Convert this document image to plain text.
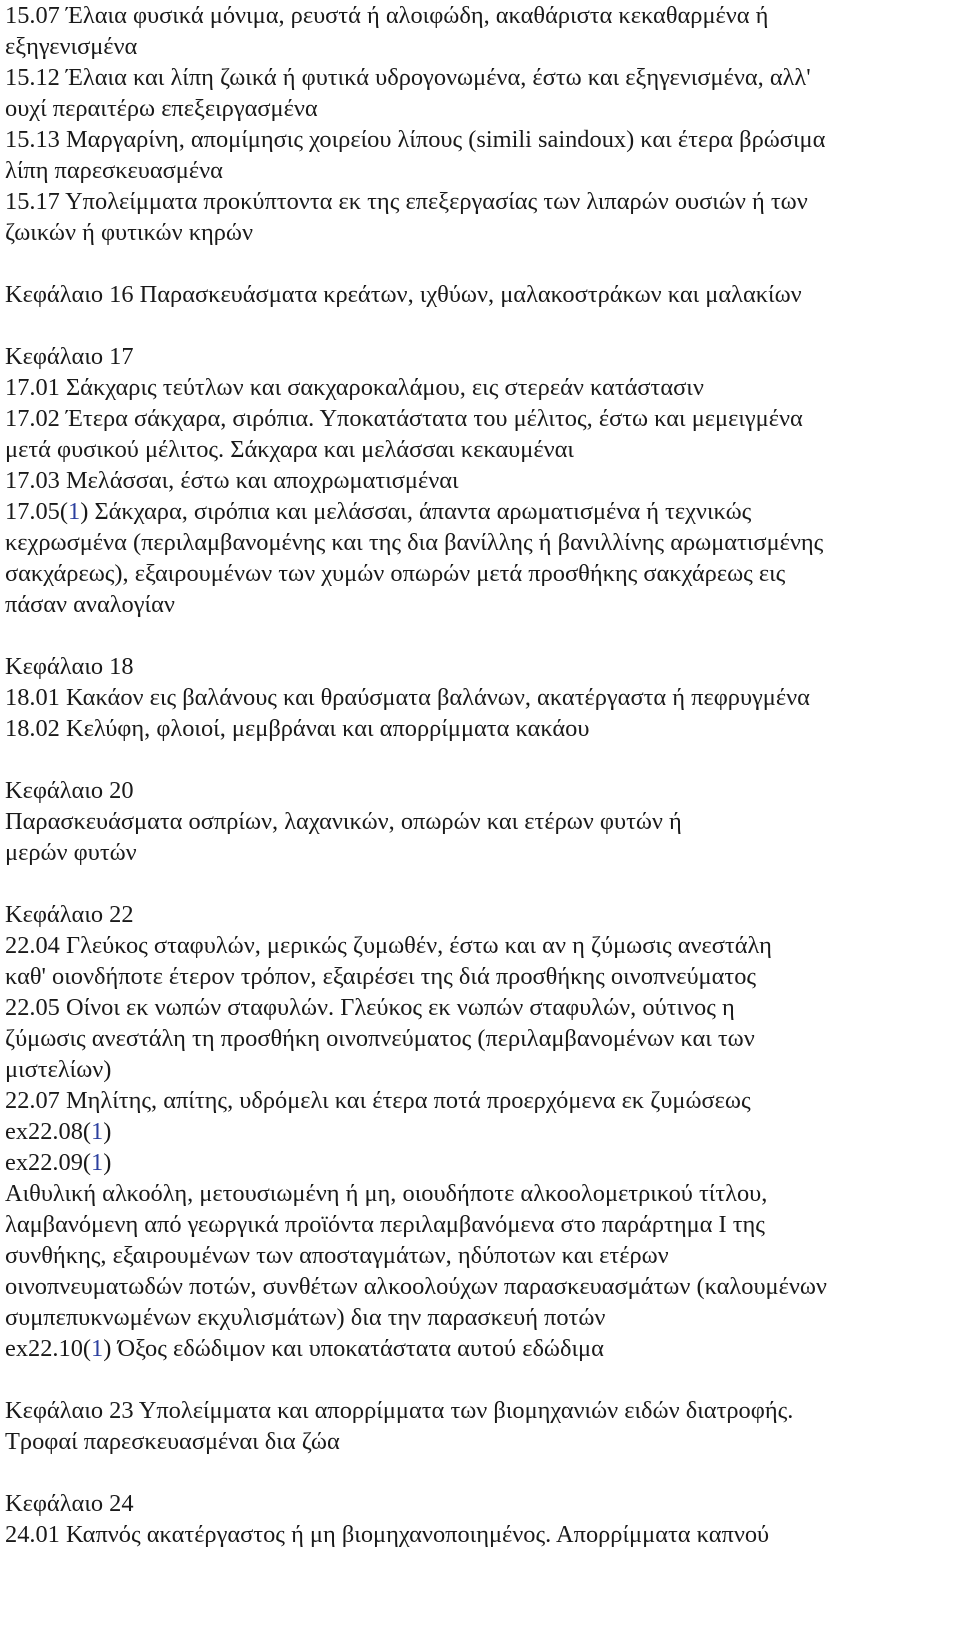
15.07 Έλαια φυσικά μόνιμα, ρευστά ή αλοιφώδη, ακαθάριστα κεκαθαρμένα ή

εξηγενισμένα

15.12 Έλαια και λίπη ζωικά ή φυτικά υδρογονωμένα, έστω και εξηγενισμένα, αλλ'

ουχί περαιτέρω επεξειργασμένα

15.13 Μαργαρίνη, απομίμησις χοιρείου λίπους (simili saindoux) και έτερα βρώσιμα

λίπη παρεσκευασμένα

15.17 Υπολείμματα προκύπτοντα εκ της επεξεργασίας των λιπαρών ουσιών ή των

ζωικών ή φυτικών κηρών

Κεφάλαιο 16 Παρασκευάσματα κρεάτων, ιχθύων, μαλακοστράκων και μαλακίων

Κεφάλαιο 17

17.01 Σάκχαρις τεύτλων και σακχαροκαλάμου, εις στερεάν κατάστασιν

17.02 Έτερα σάκχαρα, σιρόπια. Υποκατάστατα του μέλιτος, έστω και μεμειγμένα

μετά φυσικού μέλιτος. Σάκχαρα και μελάσσαι κεκαυμέναι

17.03 Μελάσσαι, έστω και αποχρωματισμέναι

17.05(1) Σάκχαρα, σιρόπια και μελάσσαι, άπαντα αρωματισμένα ή τεχνικώς

κεχρωσμένα (περιλαμβανομένης και της δια βανίλλης ή βανιλλίνης αρωματισμένης

σακχάρεως), εξαιρουμένων των χυμών οπωρών μετά προσθήκης σακχάρεως εις

πάσαν αναλογίαν

Κεφάλαιο 18

18.01 Κακάον εις βαλάνους και θραύσματα βαλάνων, ακατέργαστα ή πεφρυγμένα

18.02 Κελύφη, φλοιοί, μεμβράναι και απορρίμματα κακάου

Κεφάλαιο 20

Παρασκευάσματα οσπρίων, λαχανικών, οπωρών και ετέρων φυτών ή

μερών φυτών

Κεφάλαιο 22

22.04 Γλεύκος σταφυλών, μερικώς ζυμωθέν, έστω και αν η ζύμωσις ανεστάλη

καθ' οιονδήποτε έτερον τρόπον, εξαιρέσει της διά προσθήκης οινοπνεύματος

22.05 Οίνοι εκ νωπών σταφυλών. Γλεύκος εκ νωπών σταφυλών, ούτινος η

ζύμωσις ανεστάλη τη προσθήκη οινοπνεύματος (περιλαμβανομένων και των

μιστελίων)

22.07 Μηλίτης, απίτης, υδρόμελι και έτερα ποτά προερχόμενα εκ ζυμώσεως

ex22.08(1)

ex22.09(1)

Αιθυλική αλκοόλη, μετουσιωμένη ή μη, οιουδήποτε αλκοολομετρικού τίτλου,

λαμβανόμενη από γεωργικά προϊόντα περιλαμβανόμενα στο παράρτημα I της

συνθήκης, εξαιρουμένων των αποσταγμάτων, ηδύποτων και ετέρων

οινοπνευματωδών ποτών, συνθέτων αλκοολούχων παρασκευασμάτων (καλουμένων

συμπεπυκνωμένων εκχυλισμάτων) δια την παρασκευή ποτών

ex22.10(1) Όξος εδώδιμον και υποκατάστατα αυτού εδώδιμα

Κεφάλαιο 23 Υπολείμματα και απορρίμματα των βιομηχανιών ειδών διατροφής.

Τροφαί παρεσκευασμέναι δια ζώα

Κεφάλαιο 24

24.01 Καπνός ακατέργαστος ή μη βιομηχανοποιημένος. Απορρίμματα καπνού
